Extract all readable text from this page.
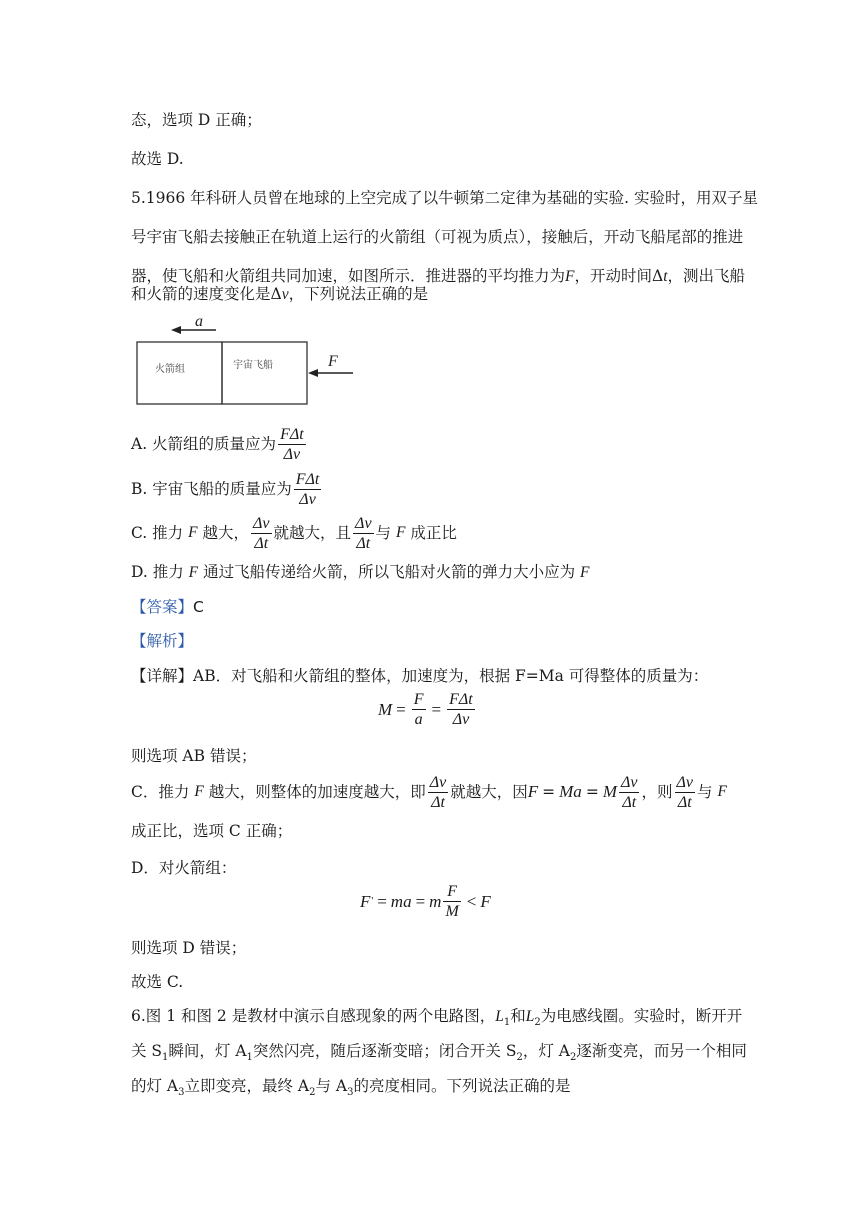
态，选项 D 正确；
故选 D.
5.1966 年科研人员曾在地球的上空完成了以牛顿第二定律为基础的实验. 实验时，用双子星
号宇宙飞船去接触正在轨道上运行的火箭组（可视为质点），接触后，开动飞船尾部的推进
器，使飞船和火箭组共同加速，如图所示．推进器的平均推力为F，开动时间Δt，测出飞船
和火箭的速度变化是Δv，下列说法正确的是
a
火箭组	宇宙飞船	F
A. 火箭组的质量应为 $\frac{\text{FΔt}}{\Delta v}$
B. 宇宙飞船的质量应为 $\frac{\text{FΔt}}{\Delta v}$
C. 推力
F
越大， $\frac{\Delta v}{\Delta t}$ 就越大，且 $\frac{\Delta v}{\Delta t}$ 与
F
成正比
D. 推力 F 通过飞船传递给火箭，所以飞船对火箭的弹力大小应为 F
【答案】C
【解析】
【详解】AB．对飞船和火箭组的整体，加速度为，根据 F=Ma 可得整体的质量为：
$M = \frac{F}{a} = \frac{\text{FΔt}}{\Delta v}$
则选项 AB 错误；
C．推力
F
越大，则整体的加速度越大，即 $\frac{\Delta v}{\Delta t}$ 就越大，因 F = Ma = M $\frac{\Delta v}{\Delta t}$ ，则 $\frac{\Delta v}{\Delta t}$ 与
F
成正比，选项 C 正确；
D．对火箭组：
F ' = ma = m $\frac{F}{M} < F$
则选项 D 错误；
故选 C.
6.图 1 和图 2 是教材中演示自感现象的两个电路图，$L_1$和$L_2$为电感线圈。实验时，断开开
关 $S_1$瞬间，灯 $A_1$突然闪亮，随后逐渐变暗；闭合开关 $S_2$，灯 $A_2$逐渐变亮，而另一个相同
的灯 $A_3$立即变亮，最终 $A_2$与 $A_3$的亮度相同。下列说法正确的是
